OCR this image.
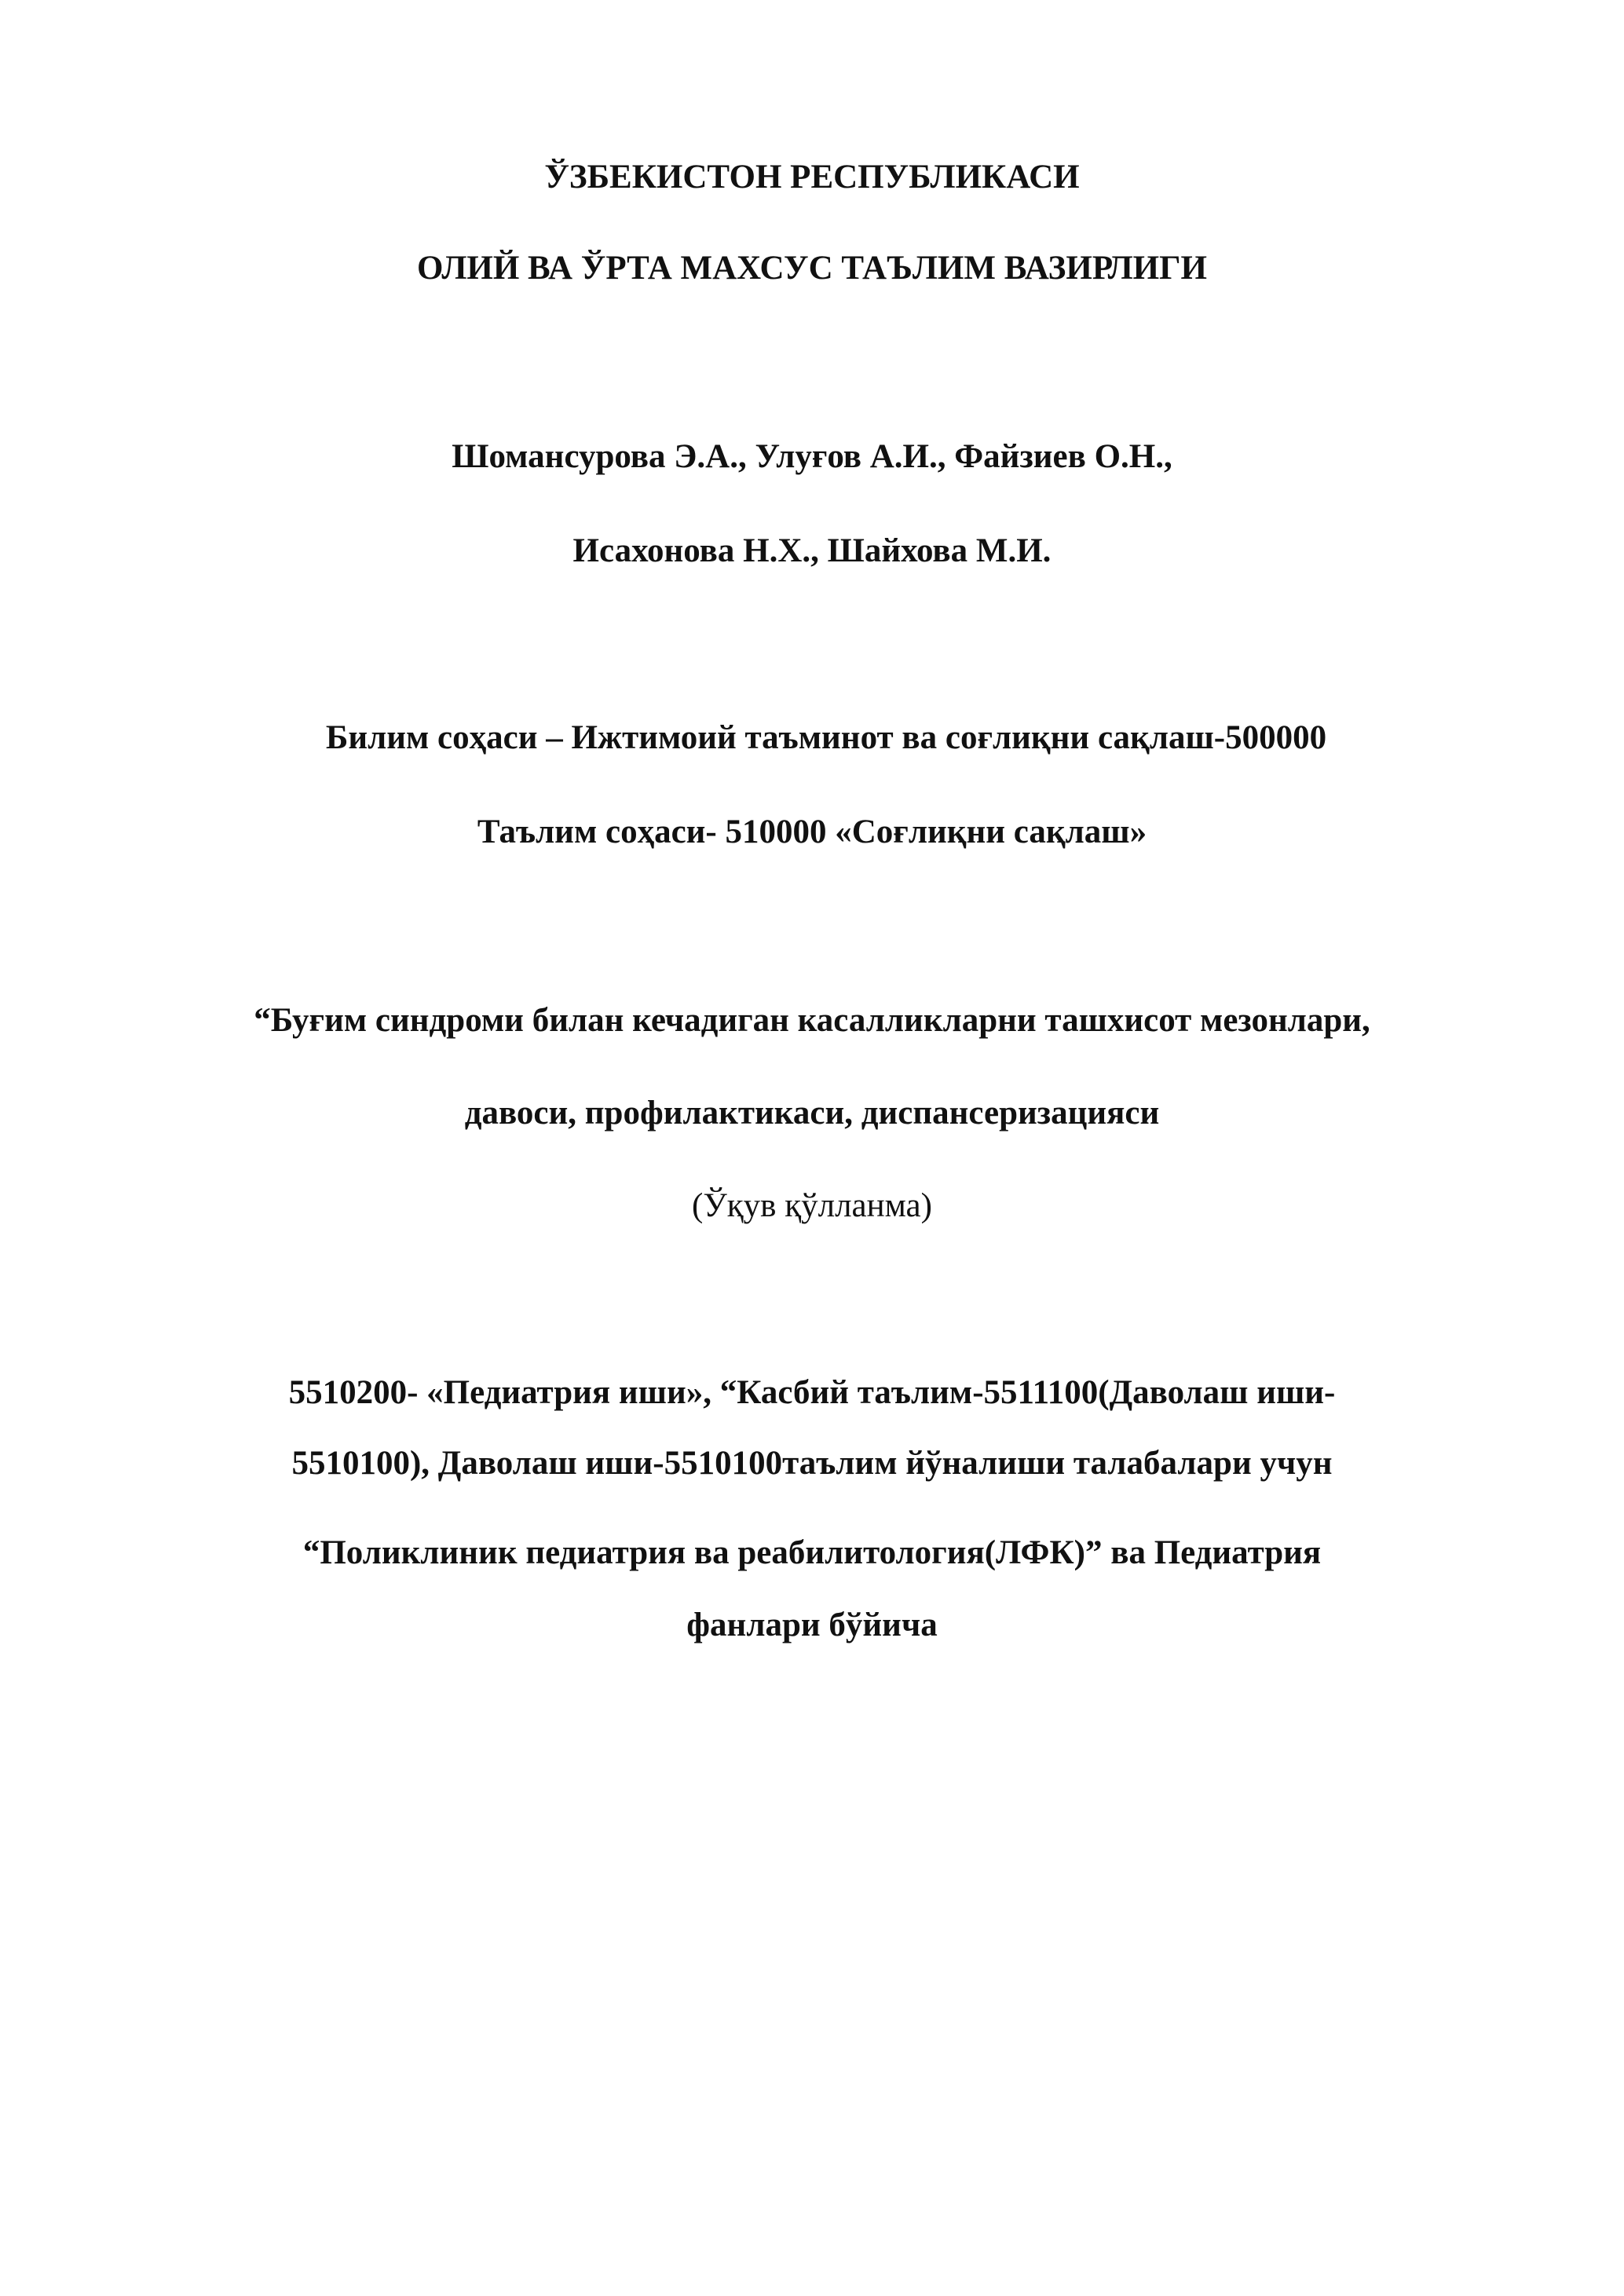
ЎЗБЕКИСТОН РЕСПУБЛИКАСИ
ОЛИЙ ВА ЎРТА МАХСУС ТАЪЛИМ ВАЗИРЛИГИ
Шомансурова Э.А., Улуғов А.И., Файзиев О.Н.,
Исахонова Н.Х., Шайхова М.И.
Билим соҳаси – Ижтимоий таъминот ва соғлиқни сақлаш-500000
Таълим соҳаси- 510000 «Соғлиқни сақлаш»
“Буғим синдроми билан кечадиган касалликларни ташхисот мезонлари,
давоси, профилактикаси, диспансеризацияси
(Ўқув қўлланма)
5510200- «Педиатрия иши», “Касбий таълим-5511100(Даволаш иши-
5510100), Даволаш иши-5510100таълим йўналиши талабалари учун
“Поликлиник педиатрия ва реабилитология(ЛФК)” ва Педиатрия
фанлари бўйича
